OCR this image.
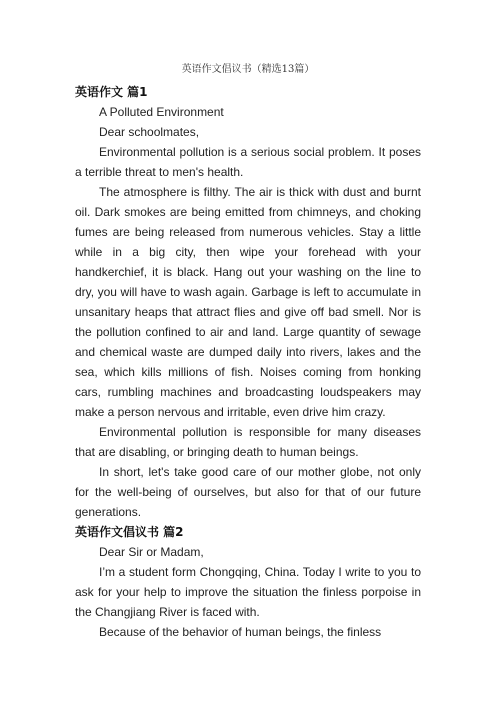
英语作文倡议书（精选13篇）

英语作文 篇1

A Polluted Environment

Dear schoolmates,

Environmental pollution is a serious social problem. It poses a terrible threat to men's health.

The atmosphere is filthy. The air is thick with dust and burnt oil. Dark smokes are being emitted from chimneys, and choking fumes are being released from numerous vehicles. Stay a little while in a big city, then wipe your forehead with your handkerchief, it is black. Hang out your washing on the line to dry, you will have to wash again. Garbage is left to accumulate in unsanitary heaps that attract flies and give off bad smell. Nor is the pollution confined to air and land. Large quantity of sewage and chemical waste are dumped daily into rivers, lakes and the sea, which kills millions of fish. Noises coming from honking cars, rumbling machines and broadcasting loudspeakers may make a person nervous and irritable, even drive him crazy.

Environmental pollution is responsible for many diseases that are disabling, or bringing death to human beings.

In short, let's take good care of our mother globe, not only for the well-being of ourselves, but also for that of our future generations.

英语作文倡议书 篇2

Dear Sir or Madam,

I’m a student form Chongqing, China. Today I write to you to ask for your help to improve the situation the finless porpoise in the Changjiang River is faced with.

Because of the behavior of human beings, the finless
